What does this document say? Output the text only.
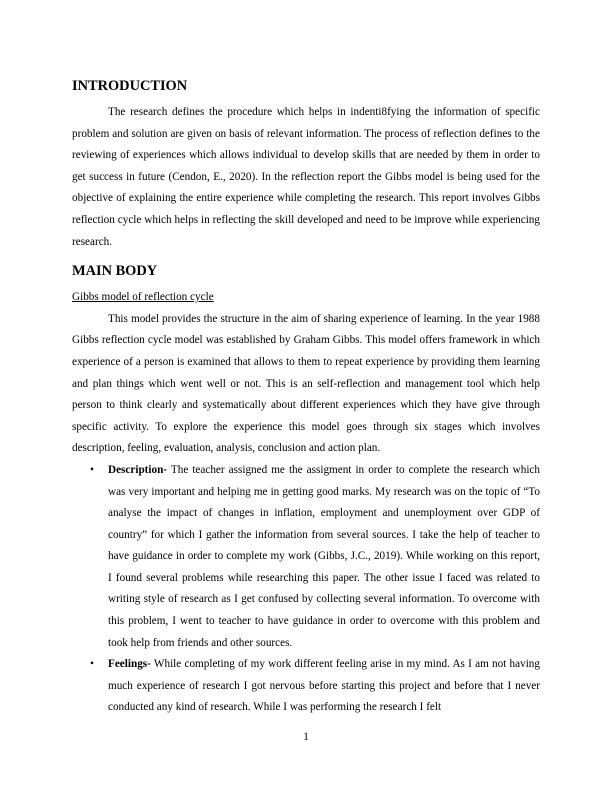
INTRODUCTION

The research defines the procedure which helps in indenti8fying the information of specific problem and solution are given on basis of relevant information. The process of reflection defines to the reviewing of experiences which allows individual to develop skills that are needed by them in order to get success in future (Cendon, E., 2020). In the reflection report the Gibbs model is being used for the objective of explaining the entire experience while completing the research. This report involves Gibbs reflection cycle which helps in reflecting the skill developed and need to be improve while experiencing research.

MAIN BODY

Gibbs model of reflection cycle

This model provides the structure in the aim of sharing experience of learning. In the year 1988 Gibbs reflection cycle model was established by Graham Gibbs. This model offers framework in which experience of a person is examined that allows to them to repeat experience by providing them learning and plan things which went well or not. This is an self-reflection and management tool which help person to think clearly and systematically about different experiences which they have give through specific activity. To explore the experience this model goes through six stages which involves description, feeling, evaluation, analysis, conclusion and action plan.

• Description- The teacher assigned me the assigment in order to complete the research which was very important and helping me in getting good marks. My research was on the topic of “To analyse the impact of changes in inflation, employment and unemployment over GDP of country” for which I gather the information from several sources. I take the help of teacher to have guidance in order to complete my work (Gibbs, J.C., 2019). While working on this report, I found several problems while researching this paper. The other issue I faced was related to writing style of research as I get confused by collecting several information. To overcome with this problem, I went to teacher to have guidance in order to overcome with this problem and took help from friends and other sources.
• Feelings- While completing of my work different feeling arise in my mind. As I am not having much experience of research I got nervous before starting this project and before that I never conducted any kind of research. While I was performing the research I felt
1
